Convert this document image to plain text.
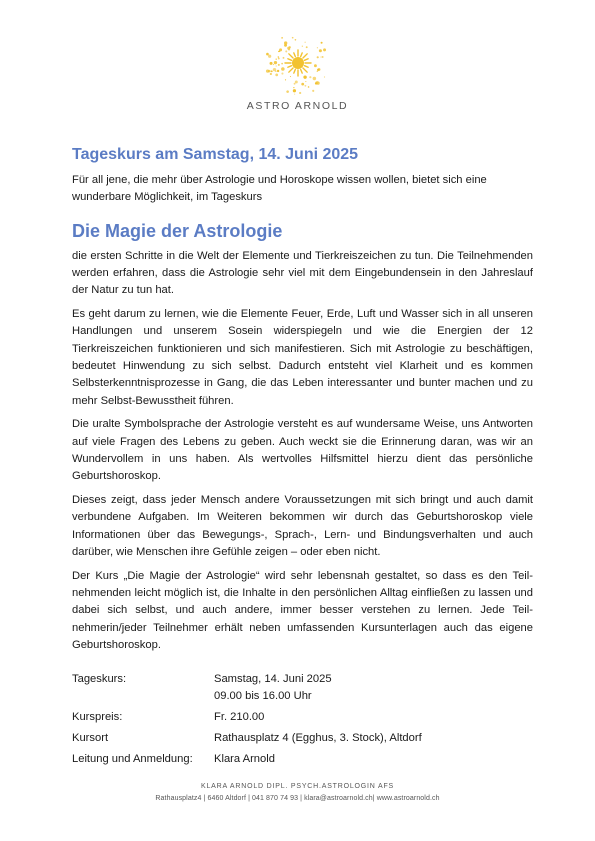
ASTRO ARNOLD
Tageskurs am Samstag, 14. Juni 2025

Für all jene, die mehr über Astrologie und Horoskope wissen wollen, bietet sich eine wunderbare Möglichkeit, im Tageskurs

Die Magie der Astrologie

die ersten Schritte in die Welt der Elemente und Tierkreiszeichen zu tun. Die Teilnehmenden werden erfahren, dass die Astrologie sehr viel mit dem Eingebundensein in den Jahreslauf der Natur zu tun hat.

Es geht darum zu lernen, wie die Elemente Feuer, Erde, Luft und Wasser sich in all unseren Handlungen und unserem Sosein widerspiegeln und wie die Energien der 12 Tierkreiszeichen funktionieren und sich manifestieren. Sich mit Astrologie zu beschäftigen, bedeutet Hinwendung zu sich selbst. Dadurch entsteht viel Klarheit und es kommen Selbsterkenntnisprozesse in Gang, die das Leben interessanter und bunter machen und zu mehr Selbst-Bewusstheit führen.

Die uralte Symbolsprache der Astrologie versteht es auf wundersame Weise, uns Antworten auf viele Fragen des Lebens zu geben. Auch weckt sie die Erinnerung daran, was wir an Wundervollem in uns haben. Als wertvolles Hilfsmittel hierzu dient das persönliche Geburtshoroskop.

Dieses zeigt, dass jeder Mensch andere Voraussetzungen mit sich bringt und auch damit verbundene Aufgaben. Im Weiteren bekommen wir durch das Geburtshoroskop viele Informationen über das Bewegungs-, Sprach-, Lern- und Bindungsverhalten und auch darüber, wie Menschen ihre Gefühle zeigen – oder eben nicht.

Der Kurs „Die Magie der Astrologie“ wird sehr lebensnah gestaltet, so dass es den Teilnehmenden leicht möglich ist, die Inhalte in den persönlichen Alltag einfließen zu lassen und dabei sich selbst, und auch andere, immer besser verstehen zu lernen. Jede Teilnehmerin/jeder Teilnehmer erhält neben umfassenden Kursunterlagen auch das eigene Geburtshoroskop.

Tageskurs:	Samstag, 14. Juni 2025
09.00 bis 16.00 Uhr
Kurspreis:	Fr. 210.00
Kursort	Rathausplatz 4 (Egghus, 3. Stock), Altdorf
Leitung und Anmeldung:	Klara Arnold
KLARA ARNOLD DIPL. PSYCH.ASTROLOGIN AFS
Rathausplatz4 | 6460 Altdorf | 041 870 74 93 | klara@astroarnold.ch| www.astroarnold.ch
